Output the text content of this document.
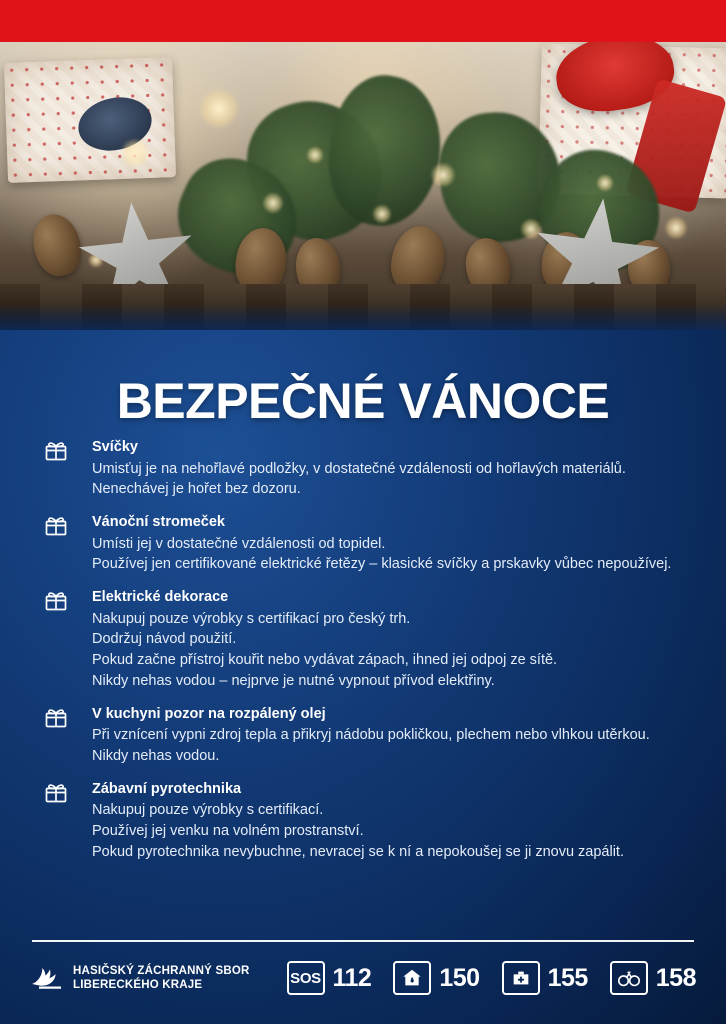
BEZPEČNÉ VÁNOCE
Svíčky
Umisťuj je na nehořlavé podložky, v dostatečné vzdálenosti od hořlavých materiálů.
Nenechávej je hořet bez dozoru.
Vánoční stromeček
Umísti jej v dostatečné vzdálenosti od topidel.
Používej jen certifikované elektrické řetězy – klasické svíčky a prskavky vůbec nepoužívej.
Elektrické dekorace
Nakupuj pouze výrobky s certifikací pro český trh.
Dodržuj návod použití.
Pokud začne přístroj kouřit nebo vydávat zápach, ihned jej odpoj ze sítě.
Nikdy nehas vodou – nejprve je nutné vypnout přívod elektřiny.
V kuchyni pozor na rozpálený olej
Při vznícení vypni zdroj tepla a přikryj nádobu pokličkou, plechem nebo vlhkou utěrkou.
Nikdy nehas vodou.
Zábavní pyrotechnika
Nakupuj pouze výrobky s certifikací.
Používej jej venku na volném prostranství.
Pokud pyrotechnika nevybuchne, nevracej se k ní a nepokoušej se ji znovu zapálit.
HASIČSKÝ ZÁCHRANNÝ SBOR
LIBERECKÉHO KRAJE	SOS 112	150	155	158
